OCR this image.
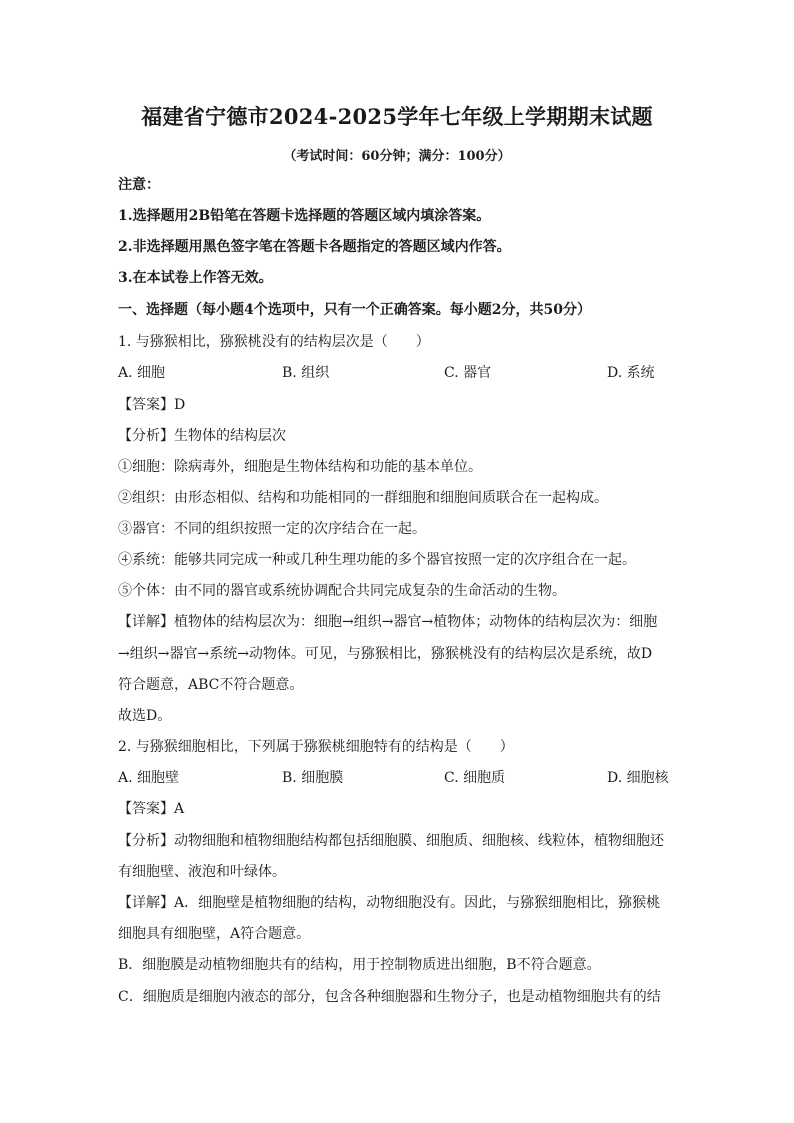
福建省宁德市2024-2025学年七年级上学期期末试题
（考试时间：60分钟；满分：100分）
注意：
1.选择题用2B铅笔在答题卡选择题的答题区域内填涂答案。
2.非选择题用黑色签字笔在答题卡各题指定的答题区域内作答。
3.在本试卷上作答无效。
一、选择题（每小题4个选项中，只有一个正确答案。每小题2分，共50分）
1. 与猕猴相比，猕猴桃没有的结构层次是（　　）
A. 细胞	B. 组织	C. 器官	D. 系统
【答案】D
【分析】生物体的结构层次
①细胞：除病毒外，细胞是生物体结构和功能的基本单位。
②组织：由形态相似、结构和功能相同的一群细胞和细胞间质联合在一起构成。
③器官：不同的组织按照一定的次序结合在一起。
④系统：能够共同完成一种或几种生理功能的多个器官按照一定的次序组合在一起。
⑤个体：由不同的器官或系统协调配合共同完成复杂的生命活动的生物。
【详解】植物体的结构层次为：细胞→组织→器官→植物体；动物体的结构层次为：细胞
→组织→器官→系统→动物体。可见，与猕猴相比，猕猴桃没有的结构层次是系统，故D
符合题意，ABC不符合题意。
故选D。
2. 与猕猴细胞相比，下列属于猕猴桃细胞特有的结构是（　　）
A. 细胞壁	B. 细胞膜	C. 细胞质	D. 细胞核
【答案】A
【分析】动物细胞和植物细胞结构都包括细胞膜、细胞质、细胞核、线粒体，植物细胞还
有细胞壁、液泡和叶绿体。
【详解】A．细胞壁是植物细胞的结构，动物细胞没有。因此，与猕猴细胞相比，猕猴桃
细胞具有细胞壁，A符合题意。
B．细胞膜是动植物细胞共有的结构，用于控制物质进出细胞，B不符合题意。
C．细胞质是细胞内液态的部分，包含各种细胞器和生物分子，也是动植物细胞共有的结
